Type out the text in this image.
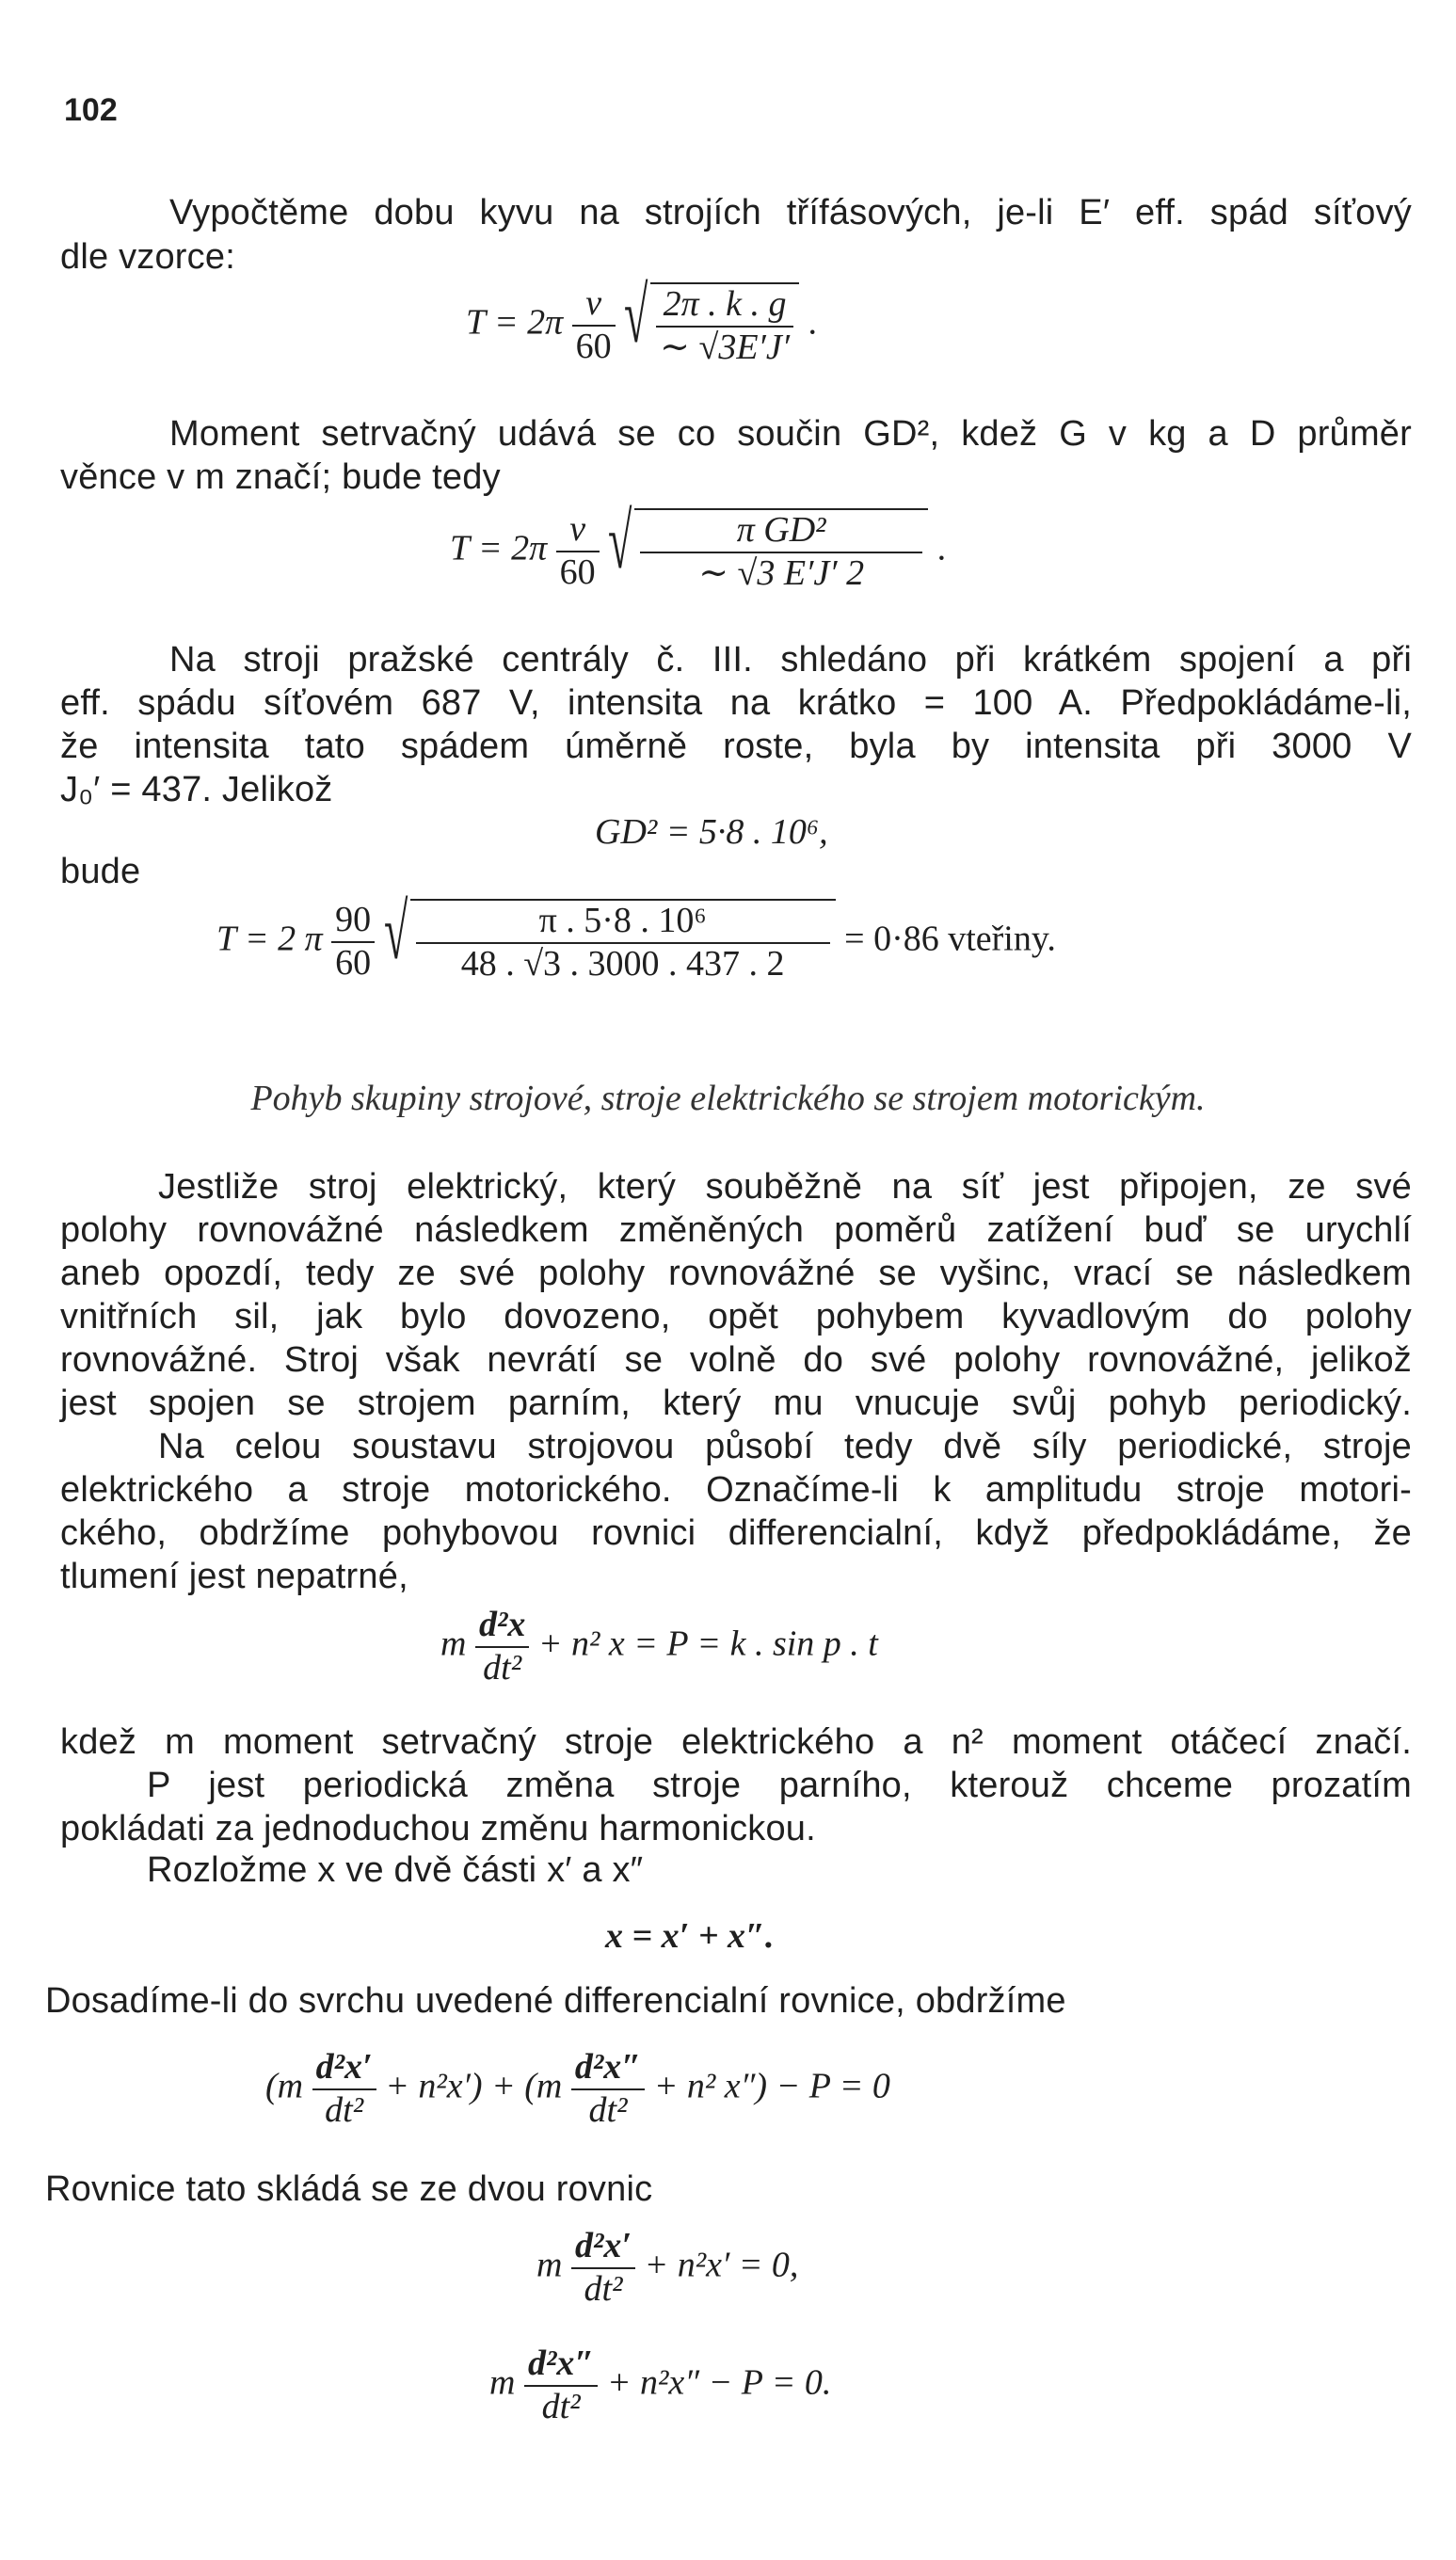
102
Vypočtěme dobu kyvu na strojích třífásových, je-li E′ eff. spád síťový
dle vzorce:
$T = 2\pi \frac{v}{60}$
√ $\frac{2\pi . k . g}{\sim √3E'J'}$ .
Moment setrvačný udává se co součin GD², kdež G v kg a D průměr
věnce v m značí; bude tedy
$T = 2\pi \frac{v}{60}$
√ $\frac{\text{π GD²}}{\sim √3 E'J' 2}$ .
Na stroji pražské centrály č. III. shledáno při krátkém spojení a při
eff. spádu síťovém 687 V, intensita na krátko = 100 A. Předpokládáme-li,
že intensita tato spádem úměrně roste, byla by intensita při 3000 V
J₀′ = 437. Jelikož
GD² = 5·8 . 10⁶,
bude
T = 2 π $\frac{90}{60}$
√ $\frac{\text{π . 5·8 . 10⁶}}{48 . √3 . 3000 . 437 . 2} = 0\cdot 86$ vteřiny.
Pohyb skupiny strojové, stroje elektrického se strojem motorickým.
Jestliže stroj elektrický, který souběžně na síť jest připojen, ze své
polohy rovnovážné následkem změněných poměrů zatížení buď se urychlí
aneb opozdí, tedy ze své polohy rovnovážné se vyšinc, vrací se následkem
vnitřních sil, jak bylo dovozeno, opět pohybem kyvadlovým do polohy
rovnovážné. Stroj však nevrátí se volně do své polohy rovnovážné, jelikož
jest spojen se strojem parním, který mu vnucuje svůj pohyb periodický.
Na celou soustavu strojovou působí tedy dvě síly periodické, stroje
elektrického a stroje motorického. Označíme-li k amplitudu stroje motori-
ckého, obdržíme pohybovou rovnici differencialní, když předpokládáme, že
tlumení jest nepatrné,
m $\frac{\text{d²x}}{\text{dt²}} + n^2$ x = P = k . sin p . t
kdež m moment setrvačný stroje elektrického a n² moment otáčecí značí.
P jest periodická změna stroje parního, kterouž chceme prozatím
pokládati za jednoduchou změnu harmonickou.
Rozložme x ve dvě části x′ a x″
x = x′ + x″.
Dosadíme-li do svrchu uvedené differencialní rovnice, obdržíme
$(m \frac{\text{d²x′}}{\text{dt²}} + n^2x') + (m \frac{\text{d²x″}}{\text{dt²}} + n^2$ x″) − P = 0
Rovnice tato skládá se ze dvou rovnic
m $\frac{\text{d²x′}}{\text{dt²}} + n^2x' = 0$,
m $\frac{\text{d²x″}}{\text{dt²}} + n^2x'' - P = 0$.
